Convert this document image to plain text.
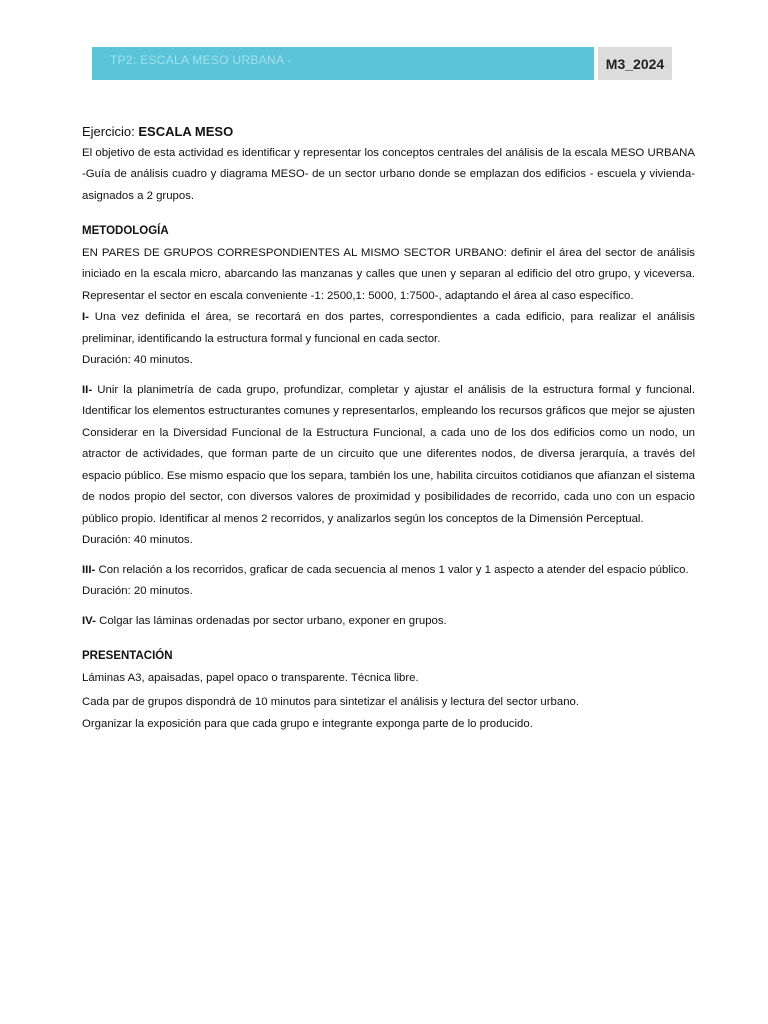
TP2: ESCALA MESO URBANA -	M3_2024

Ejercicio: ESCALA MESO

El objetivo de esta actividad es identificar y representar los conceptos centrales del análisis de la escala MESO URBANA -Guía de análisis cuadro y diagrama MESO- de un sector urbano donde se emplazan dos edificios - escuela y vivienda- asignados a 2 grupos.

METODOLOGÍA

EN PARES DE GRUPOS CORRESPONDIENTES AL MISMO SECTOR URBANO: definir el área del sector de análisis iniciado en la escala micro, abarcando las manzanas y calles que unen y separan al edificio del otro grupo, y viceversa. Representar el sector en escala conveniente -1: 2500,1: 5000, 1:7500-, adaptando el área al caso específico.

I- Una vez definida el área, se recortará en dos partes, correspondientes a cada edificio, para realizar el análisis preliminar, identificando la estructura formal y funcional en cada sector.

Duración: 40 minutos.

II- Unir la planimetría de cada grupo, profundizar, completar y ajustar el análisis de la estructura formal y funcional. Identificar los elementos estructurantes comunes y representarlos, empleando los recursos gráficos que mejor se ajusten Considerar en la Diversidad Funcional de la Estructura Funcional, a cada uno de los dos edificios como un nodo, un atractor de actividades, que forman parte de un circuito que une diferentes nodos, de diversa jerarquía, a través del espacio público. Ese mismo espacio que los separa, también los une, habilita circuitos cotidianos que afianzan el sistema de nodos propio del sector, con diversos valores de proximidad y posibilidades de recorrido, cada uno con un espacio público propio. Identificar al menos 2 recorridos, y analizarlos según los conceptos de la Dimensión Perceptual.

Duración: 40 minutos.

III- Con relación a los recorridos, graficar de cada secuencia al menos 1 valor y 1 aspecto a atender del espacio público.

Duración: 20 minutos.

IV- Colgar las láminas ordenadas por sector urbano, exponer en grupos.

PRESENTACIÓN

Láminas A3, apaisadas, papel opaco o transparente. Técnica libre.

Cada par de grupos dispondrá de 10 minutos para sintetizar el análisis y lectura del sector urbano.

Organizar la exposición para que cada grupo e integrante exponga parte de lo producido.
